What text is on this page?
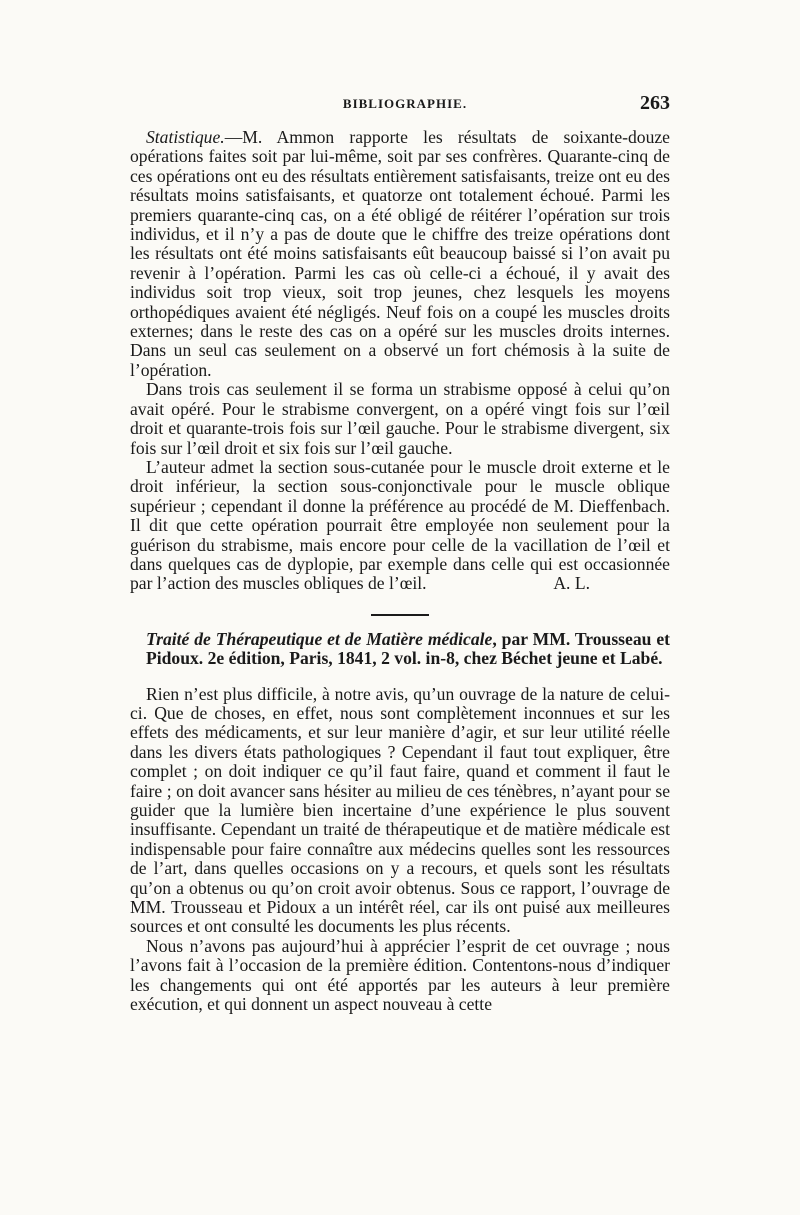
BIBLIOGRAPHIE.	263

Statistique.—M. Ammon rapporte les résultats de soixante-douze opérations faites soit par lui-même, soit par ses confrères. Quarante-cinq de ces opérations ont eu des résultats entièrement satisfaisants, treize ont eu des résultats moins satisfaisants, et quatorze ont totalement échoué. Parmi les premiers quarante-cinq cas, on a été obligé de réitérer l’opération sur trois individus, et il n’y a pas de doute que le chiffre des treize opérations dont les résultats ont été moins satisfaisants eût beaucoup baissé si l’on avait pu revenir à l’opération. Parmi les cas où celle-ci a échoué, il y avait des individus soit trop vieux, soit trop jeunes, chez lesquels les moyens orthopédiques avaient été négligés. Neuf fois on a coupé les muscles droits externes; dans le reste des cas on a opéré sur les muscles droits internes. Dans un seul cas seulement on a observé un fort chémosis à la suite de l’opération.

Dans trois cas seulement il se forma un strabisme opposé à celui qu’on avait opéré. Pour le strabisme convergent, on a opéré vingt fois sur l’œil droit et quarante-trois fois sur l’œil gauche. Pour le strabisme divergent, six fois sur l’œil droit et six fois sur l’œil gauche.

L’auteur admet la section sous-cutanée pour le muscle droit externe et le droit inférieur, la section sous-conjonctivale pour le muscle oblique supérieur ; cependant il donne la préférence au procédé de M. Dieffenbach. Il dit que cette opération pourrait être employée non seulement pour la guérison du strabisme, mais encore pour celle de la vacillation de l’œil et dans quelques cas de dyplopie, par exemple dans celle qui est occasionnée par l’action des muscles obliques de l’œil.	A. L.

Traité de Thérapeutique et de Matière médicale, par MM. Trousseau et Pidoux. 2e édition, Paris, 1841, 2 vol. in-8, chez Béchet jeune et Labé.

Rien n’est plus difficile, à notre avis, qu’un ouvrage de la nature de celui-ci. Que de choses, en effet, nous sont complètement inconnues et sur les effets des médicaments, et sur leur manière d’agir, et sur leur utilité réelle dans les divers états pathologiques ? Cependant il faut tout expliquer, être complet ; on doit indiquer ce qu’il faut faire, quand et comment il faut le faire ; on doit avancer sans hésiter au milieu de ces ténèbres, n’ayant pour se guider que la lumière bien incertaine d’une expérience le plus souvent insuffisante. Cependant un traité de thérapeutique et de matière médicale est indispensable pour faire connaître aux médecins quelles sont les ressources de l’art, dans quelles occasions on y a recours, et quels sont les résultats qu’on a obtenus ou qu’on croit avoir obtenus. Sous ce rapport, l’ouvrage de MM. Trousseau et Pidoux a un intérêt réel, car ils ont puisé aux meilleures sources et ont consulté les documents les plus récents.

Nous n’avons pas aujourd’hui à apprécier l’esprit de cet ouvrage ; nous l’avons fait à l’occasion de la première édition. Contentons-nous d’indiquer les changements qui ont été apportés par les auteurs à leur première exécution, et qui donnent un aspect nouveau à cette
